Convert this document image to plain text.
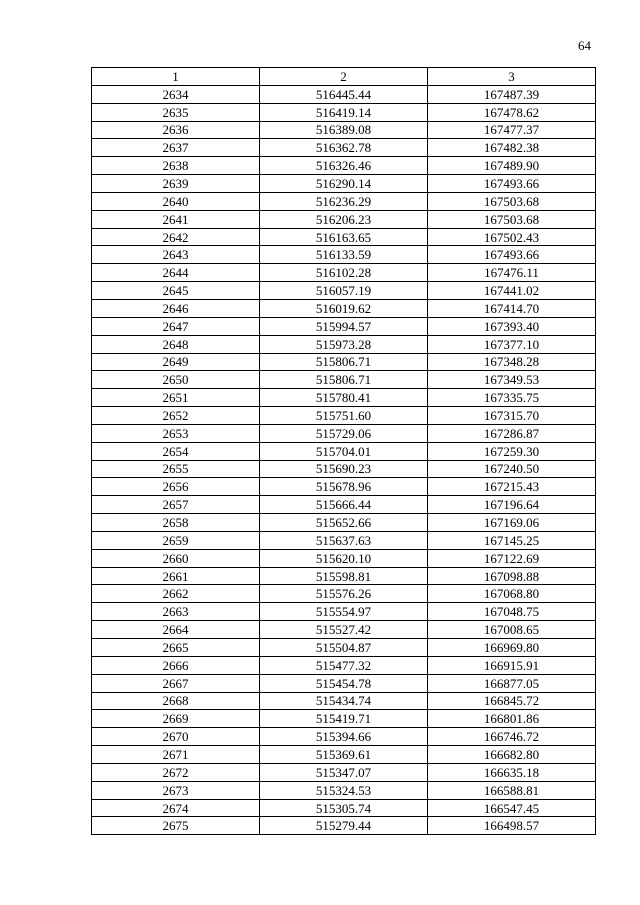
64
1	2	3
2634	516445.44	167487.39
2635	516419.14	167478.62
2636	516389.08	167477.37
2637	516362.78	167482.38
2638	516326.46	167489.90
2639	516290.14	167493.66
2640	516236.29	167503.68
2641	516206.23	167503.68
2642	516163.65	167502.43
2643	516133.59	167493.66
2644	516102.28	167476.11
2645	516057.19	167441.02
2646	516019.62	167414.70
2647	515994.57	167393.40
2648	515973.28	167377.10
2649	515806.71	167348.28
2650	515806.71	167349.53
2651	515780.41	167335.75
2652	515751.60	167315.70
2653	515729.06	167286.87
2654	515704.01	167259.30
2655	515690.23	167240.50
2656	515678.96	167215.43
2657	515666.44	167196.64
2658	515652.66	167169.06
2659	515637.63	167145.25
2660	515620.10	167122.69
2661	515598.81	167098.88
2662	515576.26	167068.80
2663	515554.97	167048.75
2664	515527.42	167008.65
2665	515504.87	166969.80
2666	515477.32	166915.91
2667	515454.78	166877.05
2668	515434.74	166845.72
2669	515419.71	166801.86
2670	515394.66	166746.72
2671	515369.61	166682.80
2672	515347.07	166635.18
2673	515324.53	166588.81
2674	515305.74	166547.45
2675	515279.44	166498.57
